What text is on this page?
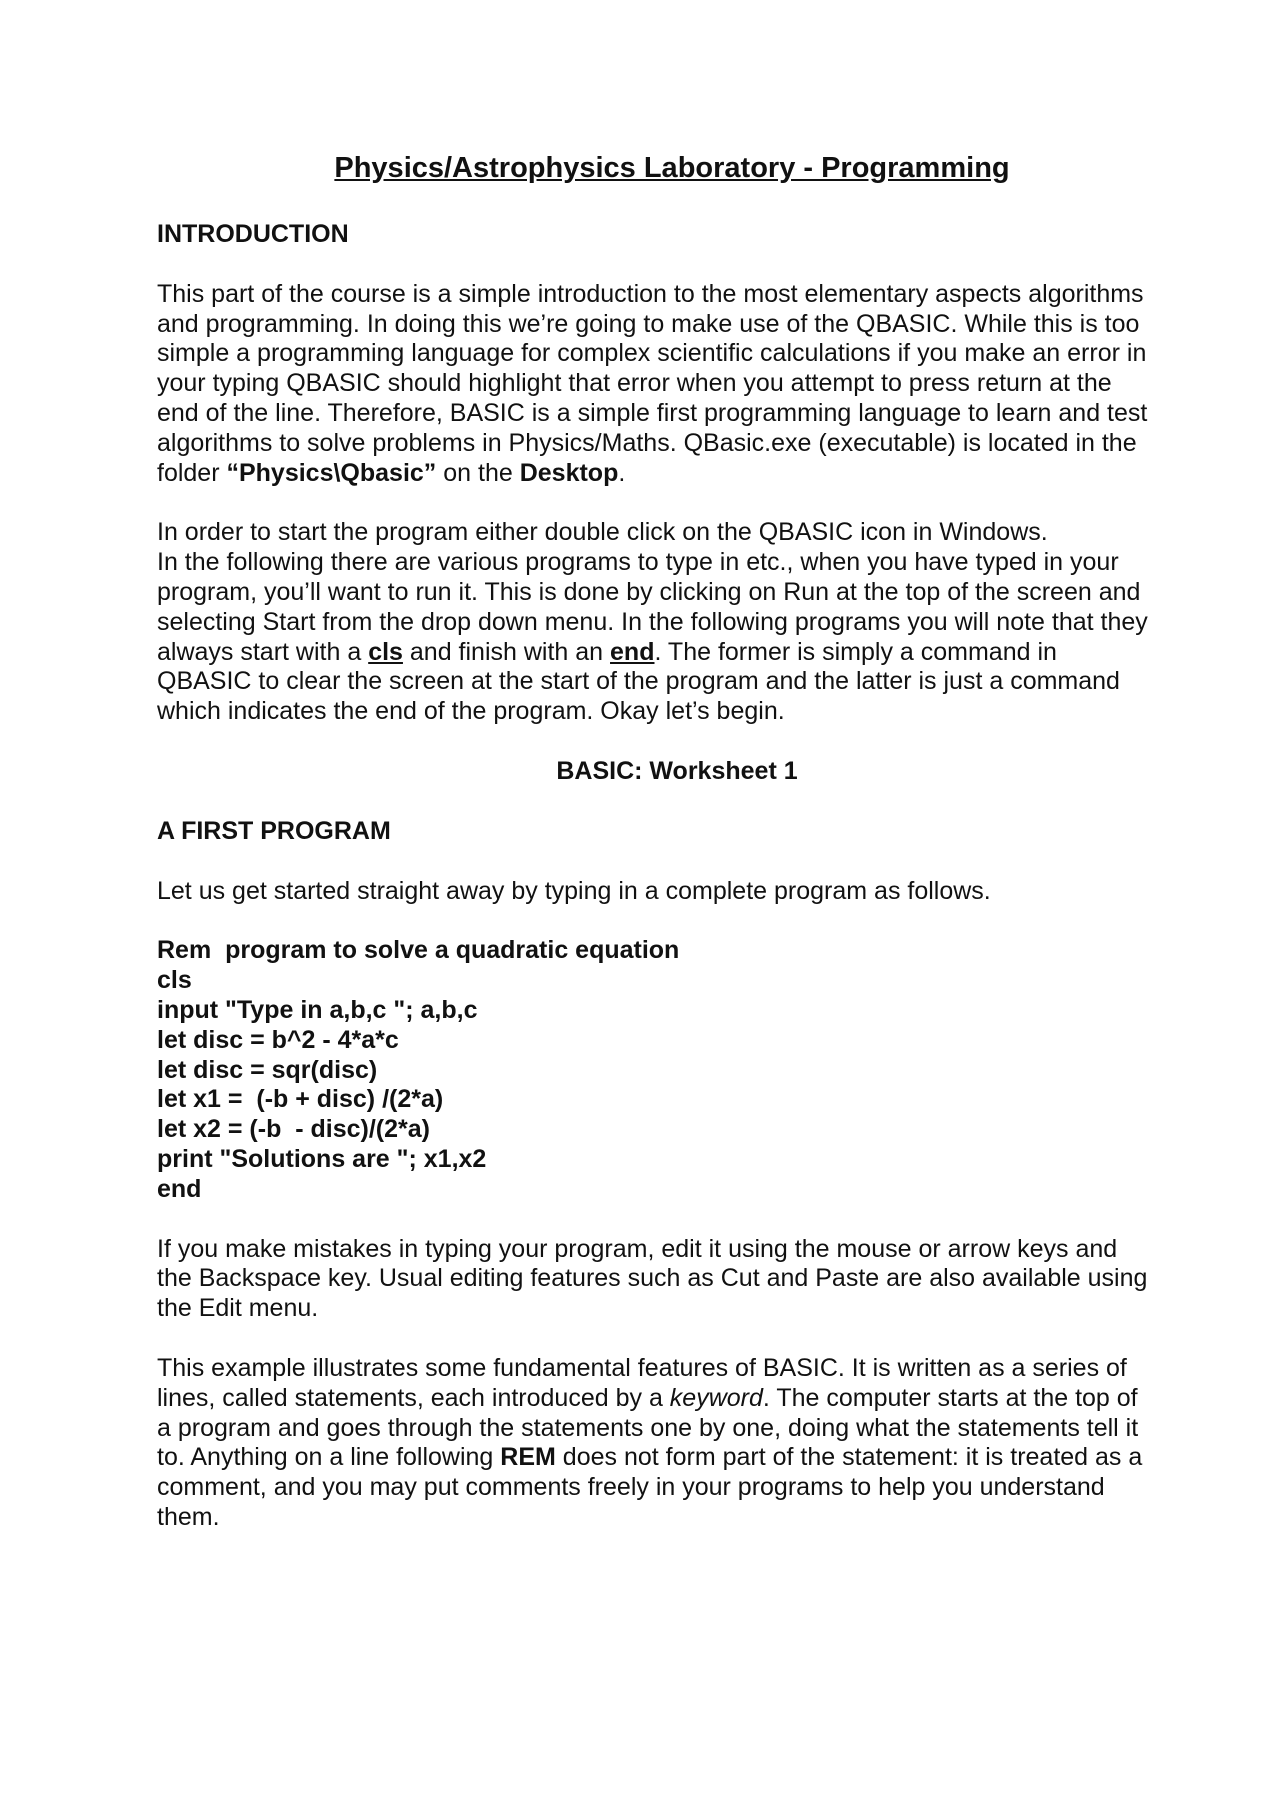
Physics/Astrophysics Laboratory - Programming
INTRODUCTION
This part of the course is a simple introduction to the most elementary aspects algorithms and programming. In doing this we’re going to make use of the QBASIC. While this is too simple a programming language for complex scientific calculations if you make an error in your typing QBASIC should highlight that error when you attempt to press return at the end of the line. Therefore, BASIC is a simple first programming language to learn and test algorithms to solve problems in Physics/Maths. QBasic.exe (executable) is located in the folder “Physics\Qbasic” on the Desktop.
In order to start the program either double click on the QBASIC icon in Windows.
In the following there are various programs to type in etc., when you have typed in your program, you’ll want to run it. This is done by clicking on Run at the top of the screen and selecting Start from the drop down menu. In the following programs you will note that they always start with a cls and finish with an end. The former is simply a command in QBASIC to clear the screen at the start of the program and the latter is just a command which indicates the end of the program. Okay let’s begin.
BASIC: Worksheet 1
A FIRST PROGRAM
Let us get started straight away by typing in a complete program as follows.
Rem  program to solve a quadratic equation
cls
input "Type in a,b,c "; a,b,c
let disc = b^2 - 4*a*c
let disc = sqr(disc)
let x1 =  (-b + disc) /(2*a)
let x2 = (-b  - disc)/(2*a)
print "Solutions are "; x1,x2
end
If you make mistakes in typing your program, edit it using the mouse or arrow keys and the Backspace key. Usual editing features such as Cut and Paste are also available using the Edit menu.
This example illustrates some fundamental features of BASIC. It is written as a series of lines, called statements, each introduced by a keyword. The computer starts at the top of a program and goes through the statements one by one, doing what the statements tell it to. Anything on a line following REM does not form part of the statement: it is treated as a comment, and you may put comments freely in your programs to help you understand them.
